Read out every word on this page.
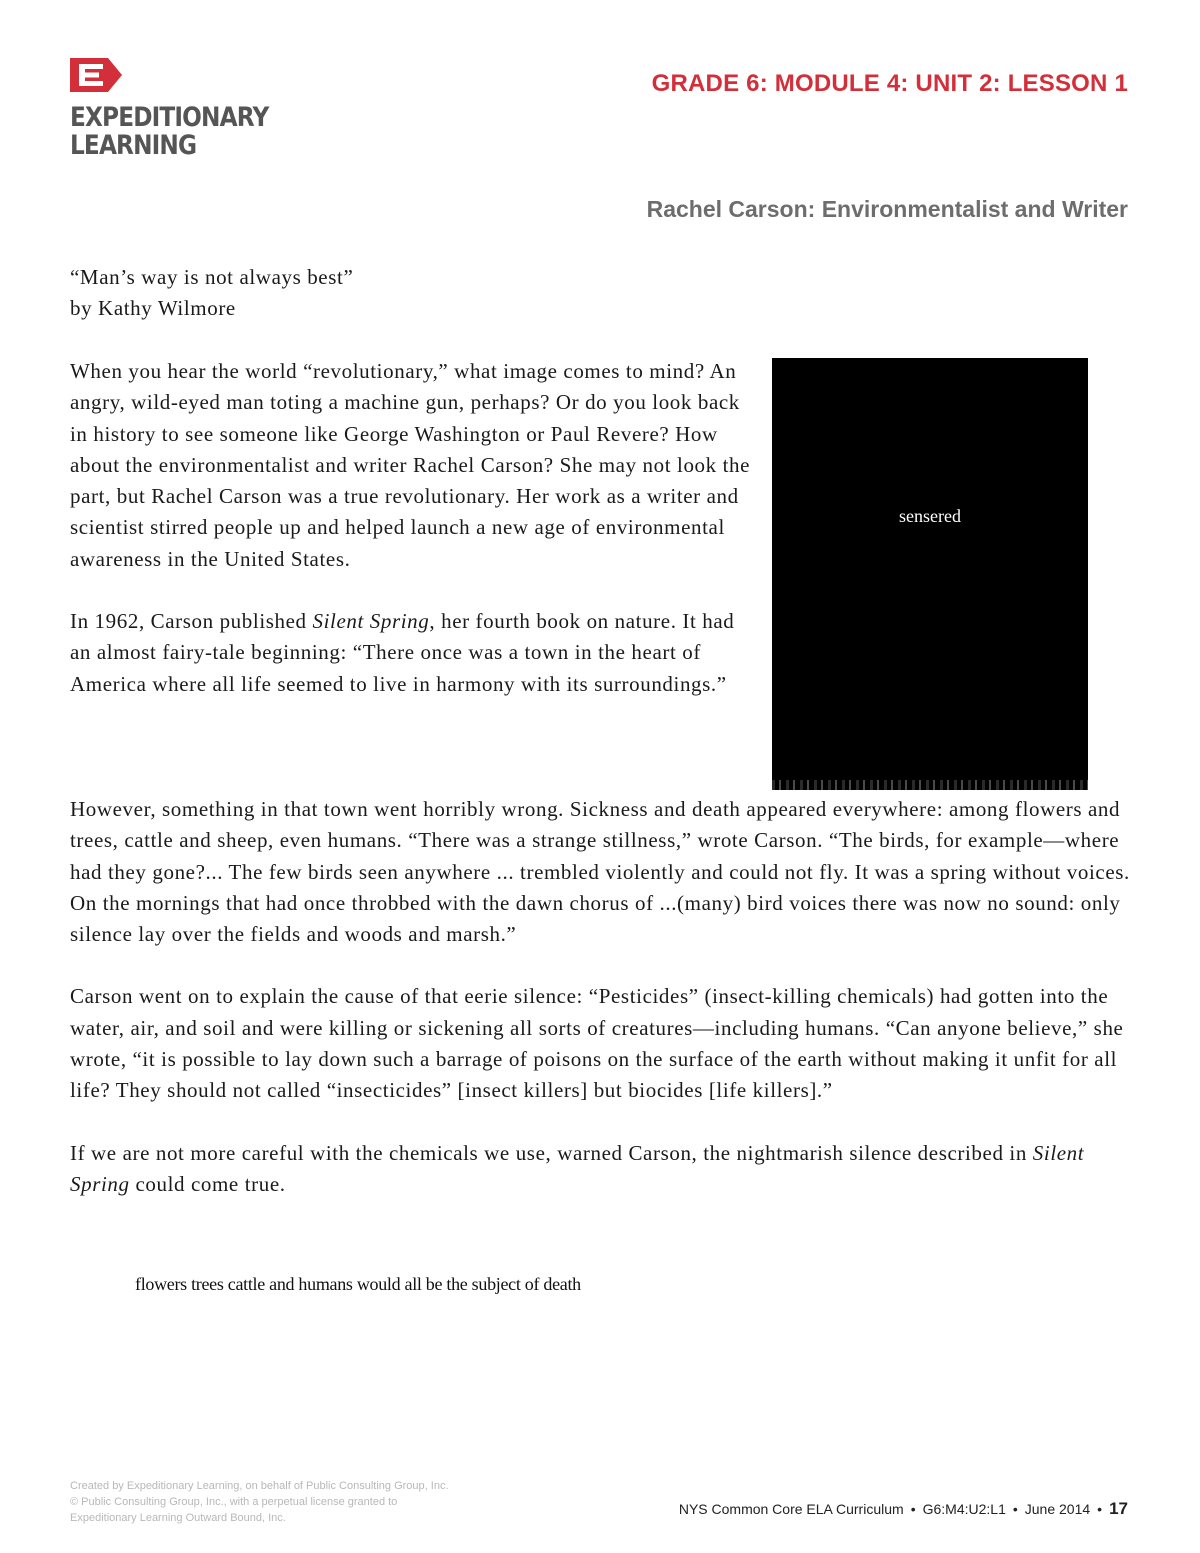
EXPEDITIONARY
LEARNING
GRADE 6: MODULE 4: UNIT 2: LESSON 1
Rachel Carson: Environmentalist and Writer

“Man’s way is not always best”

by Kathy Wilmore

When you hear the world “revolutionary,” what image comes to mind? An angry, wild-eyed man toting a machine gun, perhaps? Or do you look back in history to see someone like George Washington or Paul Revere? How about the environmentalist and writer Rachel Carson? She may not look the part, but Rachel Carson was a true revolutionary. Her work as a writer and scientist stirred people up and helped launch a new age of environmental awareness in the United States.

In 1962, Carson published Silent Spring, her fourth book on nature. It had an almost fairy-tale beginning: “There once was a town in the heart of America where all life seemed to live in harmony with its surroundings.”

sensered

However, something in that town went horribly wrong. Sickness and death appeared everywhere: among flowers and trees, cattle and sheep, even humans. “There was a strange stillness,” wrote Carson. “The birds, for example—where had they gone?... The few birds seen anywhere ... trembled violently and could not fly. It was a spring without voices. On the mornings that had once throbbed with the dawn chorus of ...(many) bird voices there was now no sound: only silence lay over the fields and woods and marsh.”

Carson went on to explain the cause of that eerie silence: “Pesticides” (insect-killing chemicals) had gotten into the water, air, and soil and were killing or sickening all sorts of creatures—including humans. “Can anyone believe,” she wrote, “it is possible to lay down such a barrage of poisons on the surface of the earth without making it unfit for all life? They should not called “insecticides” [insect killers] but biocides [life killers].”

If we are not more careful with the chemicals we use, warned Carson, the nightmarish silence described in Silent Spring could come true.

flowers trees cattle and humans would all be the subject of death
Created by Expeditionary Learning, on behalf of Public Consulting Group, Inc.
© Public Consulting Group, Inc., with a perpetual license granted to
Expeditionary Learning Outward Bound, Inc.
NYS Common Core ELA Curriculum • G6:M4:U2:L1 • June 2014 • 17
